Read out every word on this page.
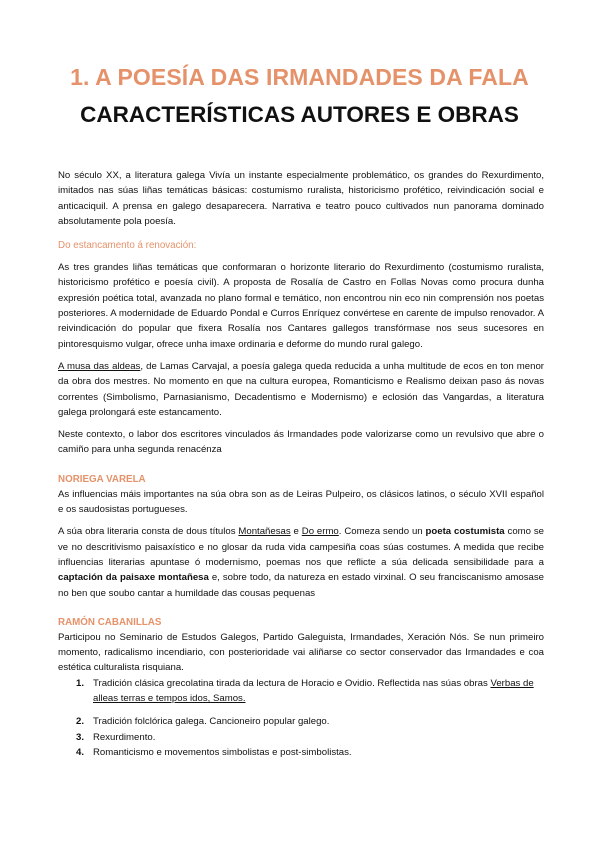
1. A POESÍA DAS IRMANDADES DA FALA
CARACTERÍSTICAS AUTORES E OBRAS

No século XX, a literatura galega Vivía un instante especialmente problemático, os grandes do Rexurdimento, imitados nas súas liñas temáticas básicas: costumismo ruralista, historicismo profético, reivindicación social e anticaciquil. A prensa en galego desaparecera. Narrativa e teatro pouco cultivados nun panorama dominado absolutamente pola poesía.

Do estancamento á renovación:

As tres grandes liñas temáticas que conformaran o horizonte literario do Rexurdimento (costumismo ruralista, historicismo profético e poesía civil). A proposta de Rosalía de Castro en Follas Novas como procura dunha expresión poética total, avanzada no plano formal e temático, non encontrou nin eco nin comprensión nos poetas posteriores. A modernidade de Eduardo Pondal e Curros Enríquez convértese en carente de impulso renovador. A reivindicación do popular que fixera Rosalía nos Cantares gallegos transfórmase nos seus sucesores en pintoresquismo vulgar, ofrece unha imaxe ordinaria e deforme do mundo rural galego.

A musa das aldeas, de Lamas Carvajal, a poesía galega queda reducida a unha multitude de ecos en ton menor da obra dos mestres. No momento en que na cultura europea, Romanticismo e Realismo deixan paso ás novas correntes (Simbolismo, Parnasianismo, Decadentismo e Modernismo) e eclosión das Vangardas, a literatura galega prolongará este estancamento.

Neste contexto, o labor dos escritores vinculados ás Irmandades pode valorizarse como un revulsivo que abre o camiño para unha segunda renacénza

NORIEGA VARELA

As influencias máis importantes na súa obra son as de Leiras Pulpeiro, os clásicos latinos, o século XVII español e os saudosistas portugueses.

A súa obra literaria consta de dous títulos Montañesas e Do ermo. Comeza sendo un poeta costumista como se ve no descritivismo paisaxístico e no glosar da ruda vida campesiña coas súas costumes. A medida que recibe influencias literarias apuntase ó modernismo, poemas nos que reflicte a súa delicada sensibilidade para a captación da paisaxe montañesa e, sobre todo, da natureza en estado virxinal. O seu franciscanismo amosase no ben que soubo cantar a humildade das cousas pequenas

RAMÓN CABANILLAS

Participou no Seminario de Estudos Galegos, Partido Galeguista, Irmandades, Xeración Nós. Se nun primeiro momento, radicalismo incendiario, con posterioridade vai aliñarse co sector conservador das Irmandades e coa estética culturalista risquiana.

1. Tradición clásica grecolatina tirada da lectura de Horacio e Ovidio. Reflectida nas súas obras Verbas de alleas terras e tempos idos, Samos.
2. Tradición folclórica galega. Cancioneiro popular galego.
3. Rexurdimento.
4. Romanticismo e movementos simbolistas e post-simbolistas.
